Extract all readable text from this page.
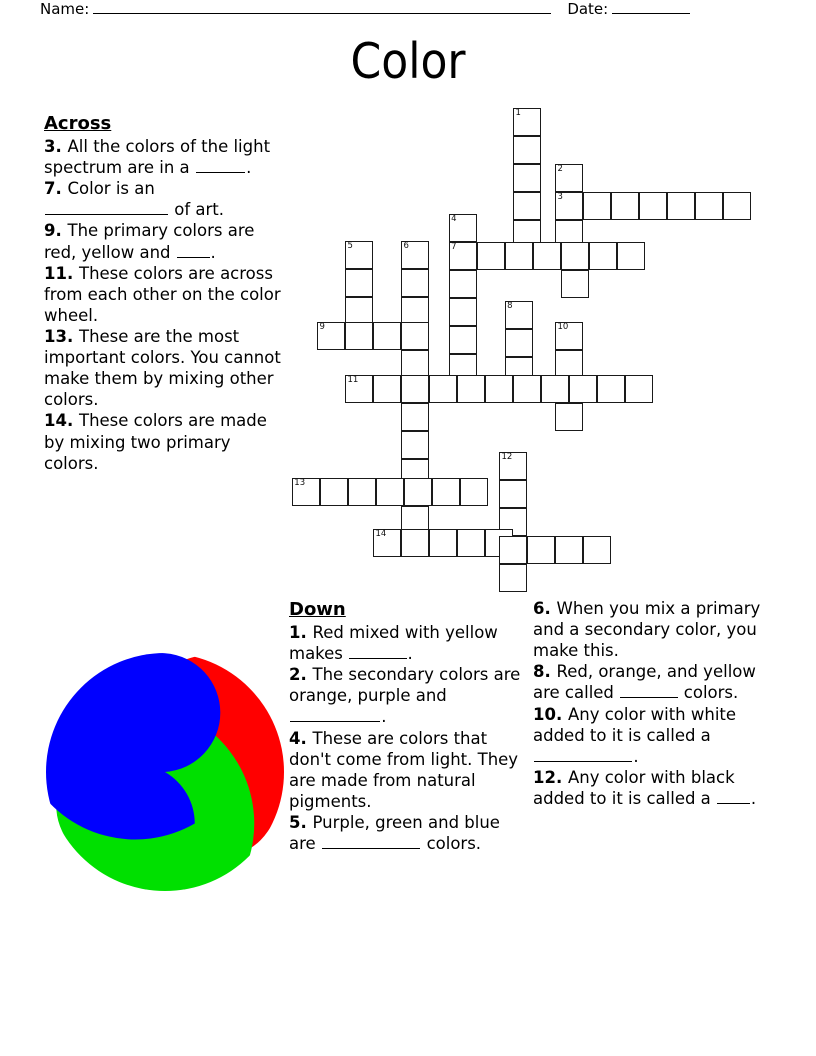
Name:	Date:
Color
1
2
3
4
5	6	7
8
9	10
11
12
13
14
Across
3. All the colors of the light spectrum are in a	.
7. Color is an  of art.
9. The primary colors are red, yellow and .
11. These colors are across from each other on the color wheel.
13. These are the most important colors. You cannot make them by mixing other colors.
14. These colors are made by mixing two primary colors.
Down
1. Red mixed with yellow makes	.
2. The secondary colors are orange, purple and .
4. These are colors that don't come from light. They are made from natural pigments.
5. Purple, green and blue are	colors.
6. When you mix a primary and a secondary color, you make this.
8. Red, orange, and yellow are called	colors.
10. Any color with white added to it is called a .
12. Any color with black added to it is called a .
